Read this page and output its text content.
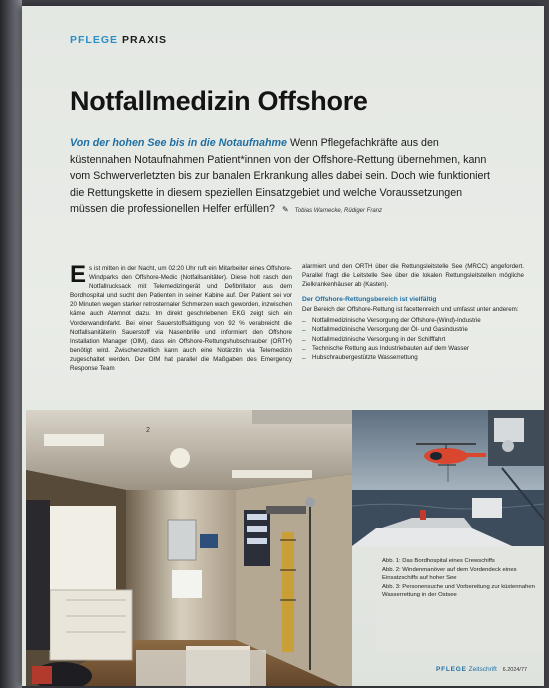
PFLEGE PRAXIS
Notfallmedizin Offshore
Von der hohen See bis in die Notaufnahme Wenn Pflegefachkräfte aus den küstennahen Notaufnahmen Patient*innen von der Offshore-Rettung übernehmen, kann vom Schwerverletzten bis zur banalen Erkrankung alles dabei sein. Doch wie funktioniert die Rettungskette in diesem speziellen Einsatzgebiet und welche Voraussetzungen müssen die professionellen Helfer erfüllen? ✎ Tobias Warnecke, Rüdiger Franz
Es ist mitten in der Nacht, um 02:20 Uhr ruft ein Mitarbeiter eines Offshore-Windparks den Offshore-Medic (Notfallsanitäter). Diese holt rasch den Notfallrucksack mit Telemedizingerät und Defibrillator aus dem Bordhospital und sucht den Patienten in seiner Kabine auf. Der Patient sei vor 20 Minuten wegen starker retrosternaler Schmerzen wach geworden, inzwischen käme auch Atemnot dazu. Im direkt geschriebenen EKG zeigt sich ein Vorderwandinfarkt. Bei einer Sauerstoffsättigung von 92 % verabreicht die Notfallsanitäterin Sauerstoff via Nasenbrille und informiert den Offshore Installation Manager (OIM), dass ein Offshore-Rettungshubschrauber (ORTH) benötigt wird. Zwischenzeitlich kann auch eine Notärztin via Telemedizin zugeschaltet werden. Der OIM hat parallel die Maßgaben des Emergency Response Team
alarmiert und den ORTH über die Rettungsleitstelle See (MRCC) angefordert. Parallel fragt die Leitstelle See über die lokalen Rettungsleitstellen mögliche Zielkrankenhäuser ab (Kasten).
Der Offshore-Rettungsbereich ist vielfältig
Der Bereich der Offshore-Rettung ist facettenreich und umfasst unter anderem:
_ Notfallmedizinische Versorgung der Offshore-(Wind)-Industrie
_ Notfallmedizinische Versorgung der Öl- und Gasindustrie
_ Notfallmedizinische Versorgung in der Schifffahrt
_ Technische Rettung aus Industriebauten auf dem Wasser
_ Hubschraubergestützte Wasserrettung
2
Abb. 1: Das Bordhospital eines Crewschiffs
Abb. 2: Windenmanöver auf dem Vordendeck eines Einsatzschiffs auf hoher See
Abb. 3: Personensuche und Vorbereitung zur küstennahen Wasserrettung in der Ostsee
PFLEGE Zeitschrift 6.2024/77
